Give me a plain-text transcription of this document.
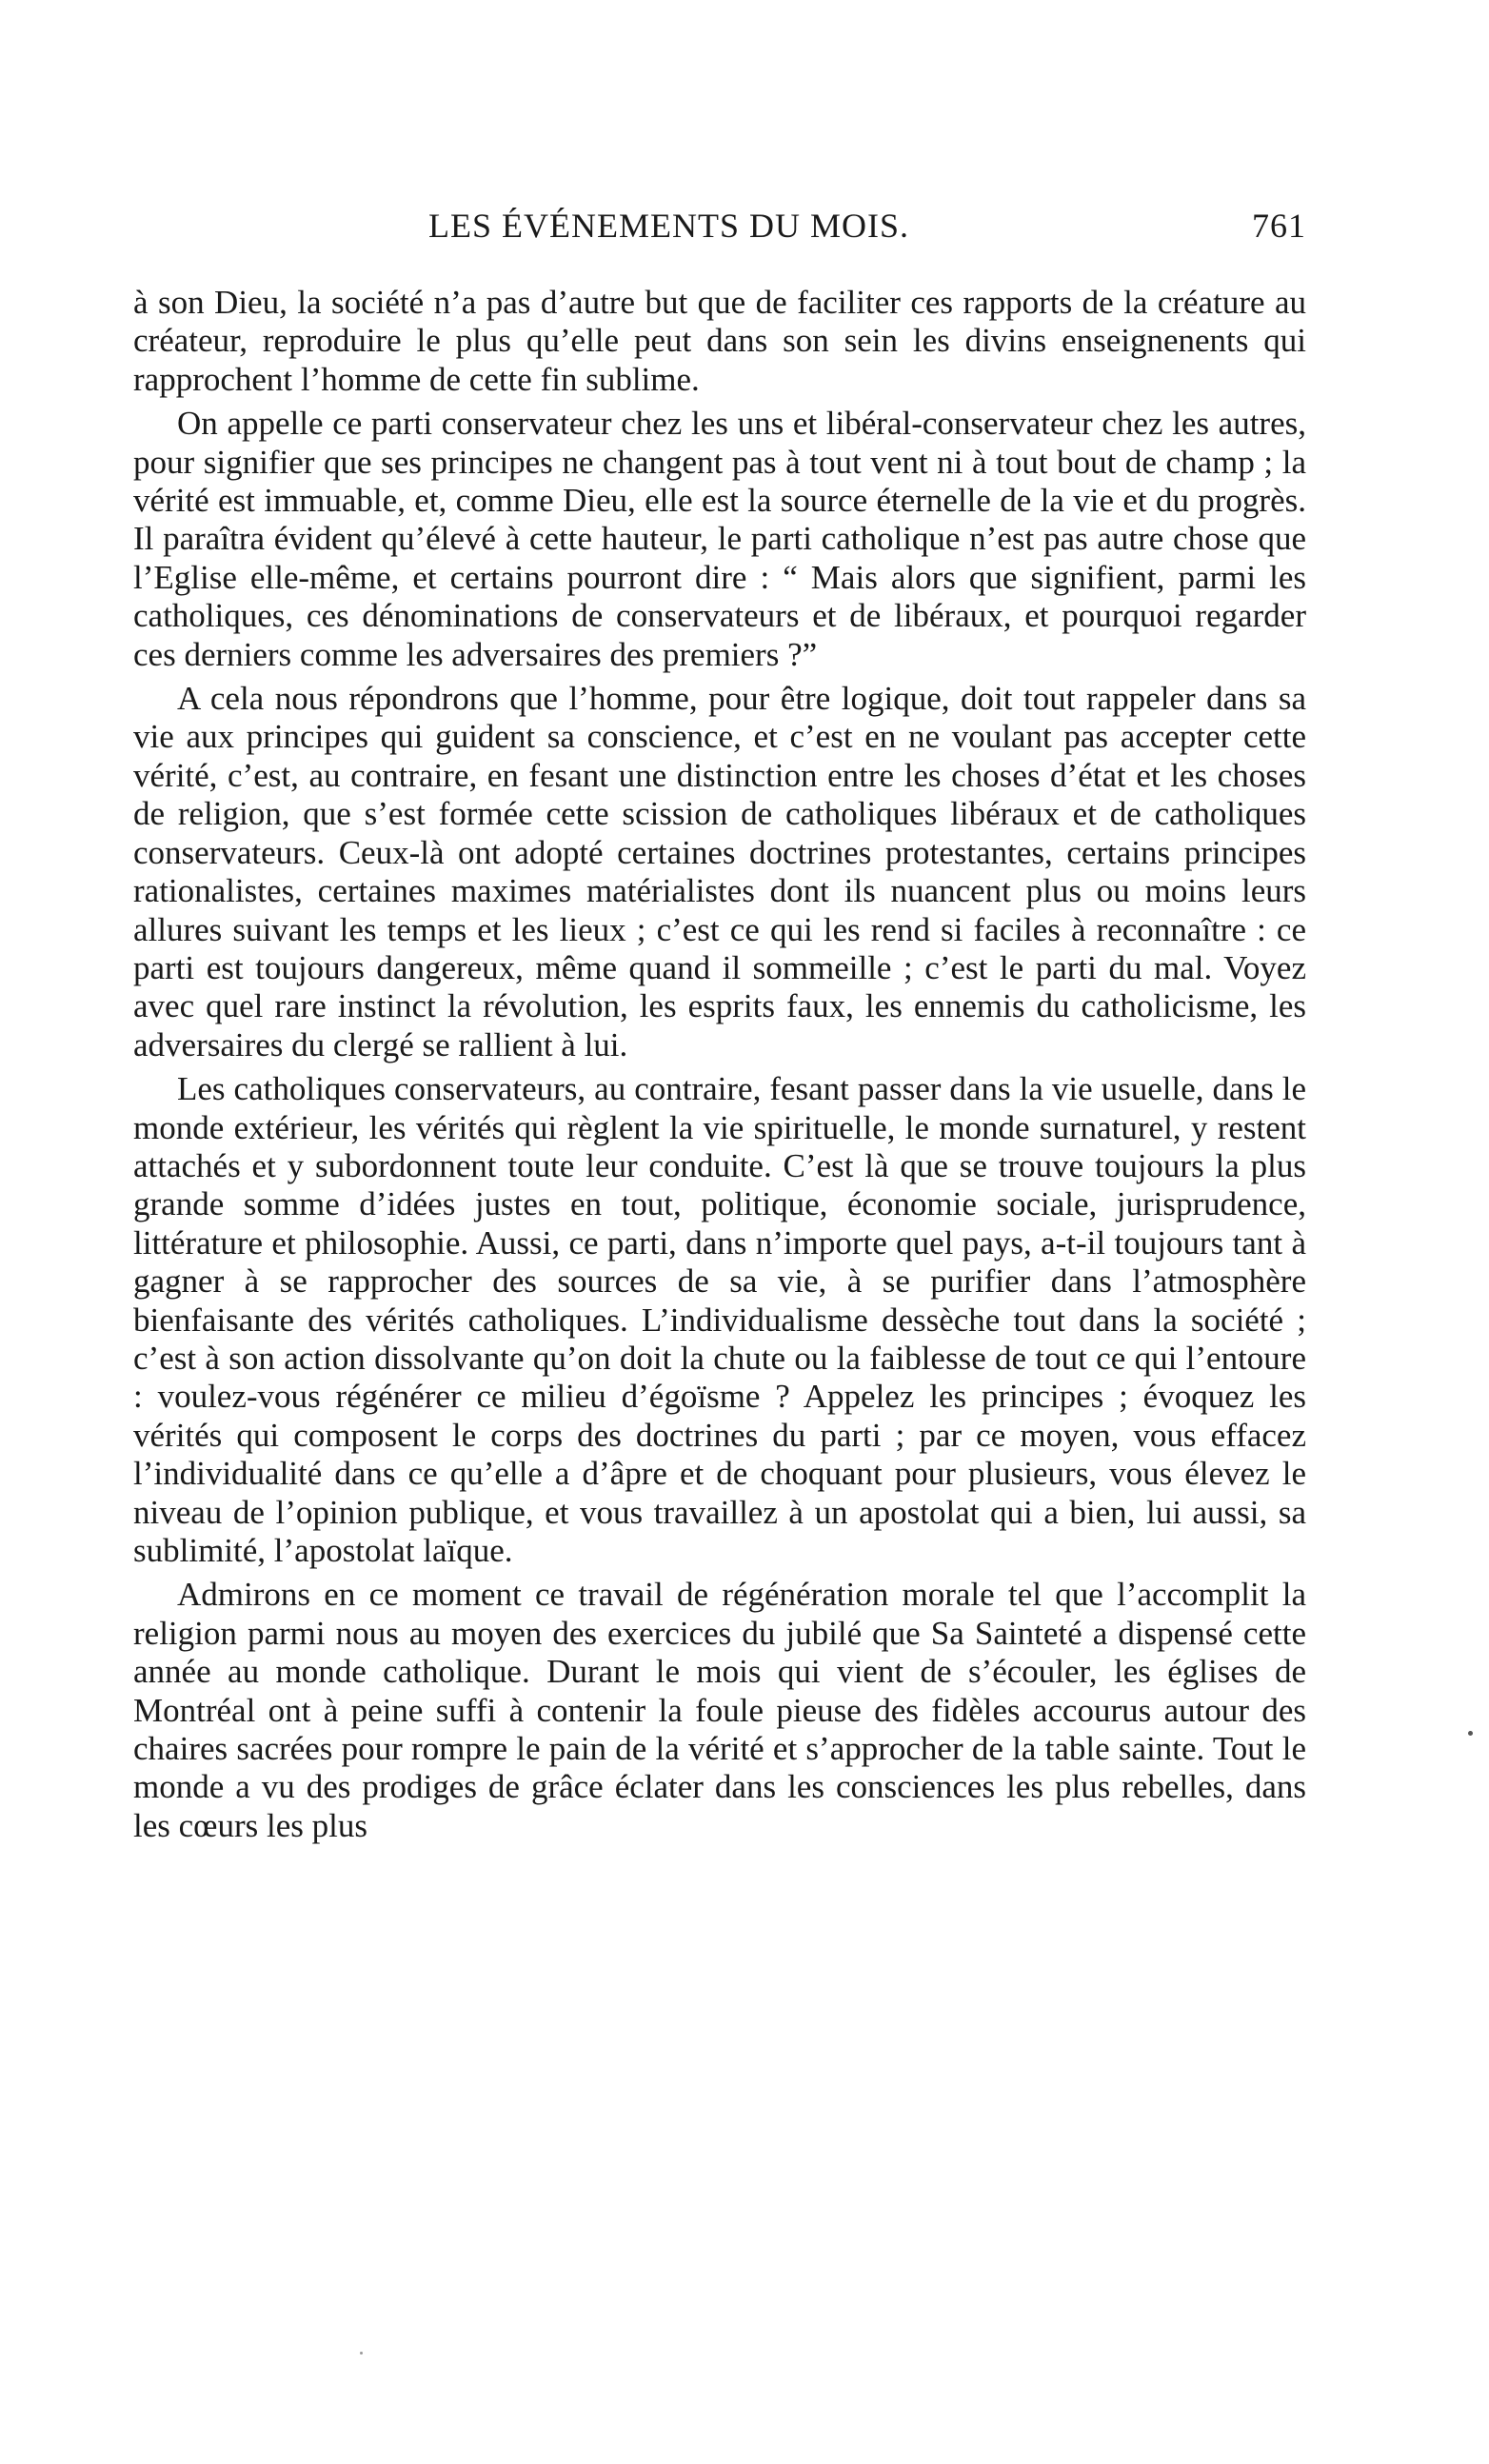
LES ÉVÉNEMENTS DU MOIS.	761

à son Dieu, la société n’a pas d’autre but que de faciliter ces rapports de la créature au créateur, reproduire le plus qu’elle peut dans son sein les divins enseignenents qui rapprochent l’homme de cette fin sublime.

On appelle ce parti conservateur chez les uns et libéral-conservateur chez les autres, pour signifier que ses principes ne changent pas à tout vent ni à tout bout de champ ; la vérité est immuable, et, comme Dieu, elle est la source éternelle de la vie et du progrès. Il paraîtra évident qu’élevé à cette hauteur, le parti catholique n’est pas autre chose que l’Eglise elle-même, et certains pourront dire : “ Mais alors que signifient, parmi les catholiques, ces dénominations de conservateurs et de libéraux, et pourquoi regarder ces derniers comme les adversaires des premiers ?”

A cela nous répondrons que l’homme, pour être logique, doit tout rappeler dans sa vie aux principes qui guident sa conscience, et c’est en ne voulant pas accepter cette vérité, c’est, au contraire, en fesant une distinction entre les choses d’état et les choses de religion, que s’est formée cette scission de catholiques libéraux et de catholiques conservateurs. Ceux-là ont adopté certaines doctrines protestantes, certains principes rationalistes, certaines maximes matérialistes dont ils nuancent plus ou moins leurs allures suivant les temps et les lieux ; c’est ce qui les rend si faciles à reconnaître : ce parti est toujours dangereux, même quand il sommeille ; c’est le parti du mal. Voyez avec quel rare instinct la révolution, les esprits faux, les ennemis du catholicisme, les adversaires du clergé se rallient à lui.

Les catholiques conservateurs, au contraire, fesant passer dans la vie usuelle, dans le monde extérieur, les vérités qui règlent la vie spirituelle, le monde surnaturel, y restent attachés et y subordonnent toute leur conduite. C’est là que se trouve toujours la plus grande somme d’idées justes en tout, politique, économie sociale, jurisprudence, littérature et philosophie. Aussi, ce parti, dans n’importe quel pays, a-t-il toujours tant à gagner à se rapprocher des sources de sa vie, à se purifier dans l’atmosphère bienfaisante des vérités catholiques. L’individualisme dessèche tout dans la société ; c’est à son action dissolvante qu’on doit la chute ou la faiblesse de tout ce qui l’entoure : voulez-vous régénérer ce milieu d’égoïsme ? Appelez les principes ; évoquez les vérités qui composent le corps des doctrines du parti ; par ce moyen, vous effacez l’individualité dans ce qu’elle a d’âpre et de choquant pour plusieurs, vous élevez le niveau de l’opinion publique, et vous travaillez à un apostolat qui a bien, lui aussi, sa sublimité, l’apostolat laïque.

Admirons en ce moment ce travail de régénération morale tel que l’accomplit la religion parmi nous au moyen des exercices du jubilé que Sa Sainteté a dispensé cette année au monde catholique. Durant le mois qui vient de s’écouler, les églises de Montréal ont à peine suffi à contenir la foule pieuse des fidèles accourus autour des chaires sacrées pour rompre le pain de la vérité et s’approcher de la table sainte. Tout le monde a vu des prodiges de grâce éclater dans les consciences les plus rebelles, dans les cœurs les plus
